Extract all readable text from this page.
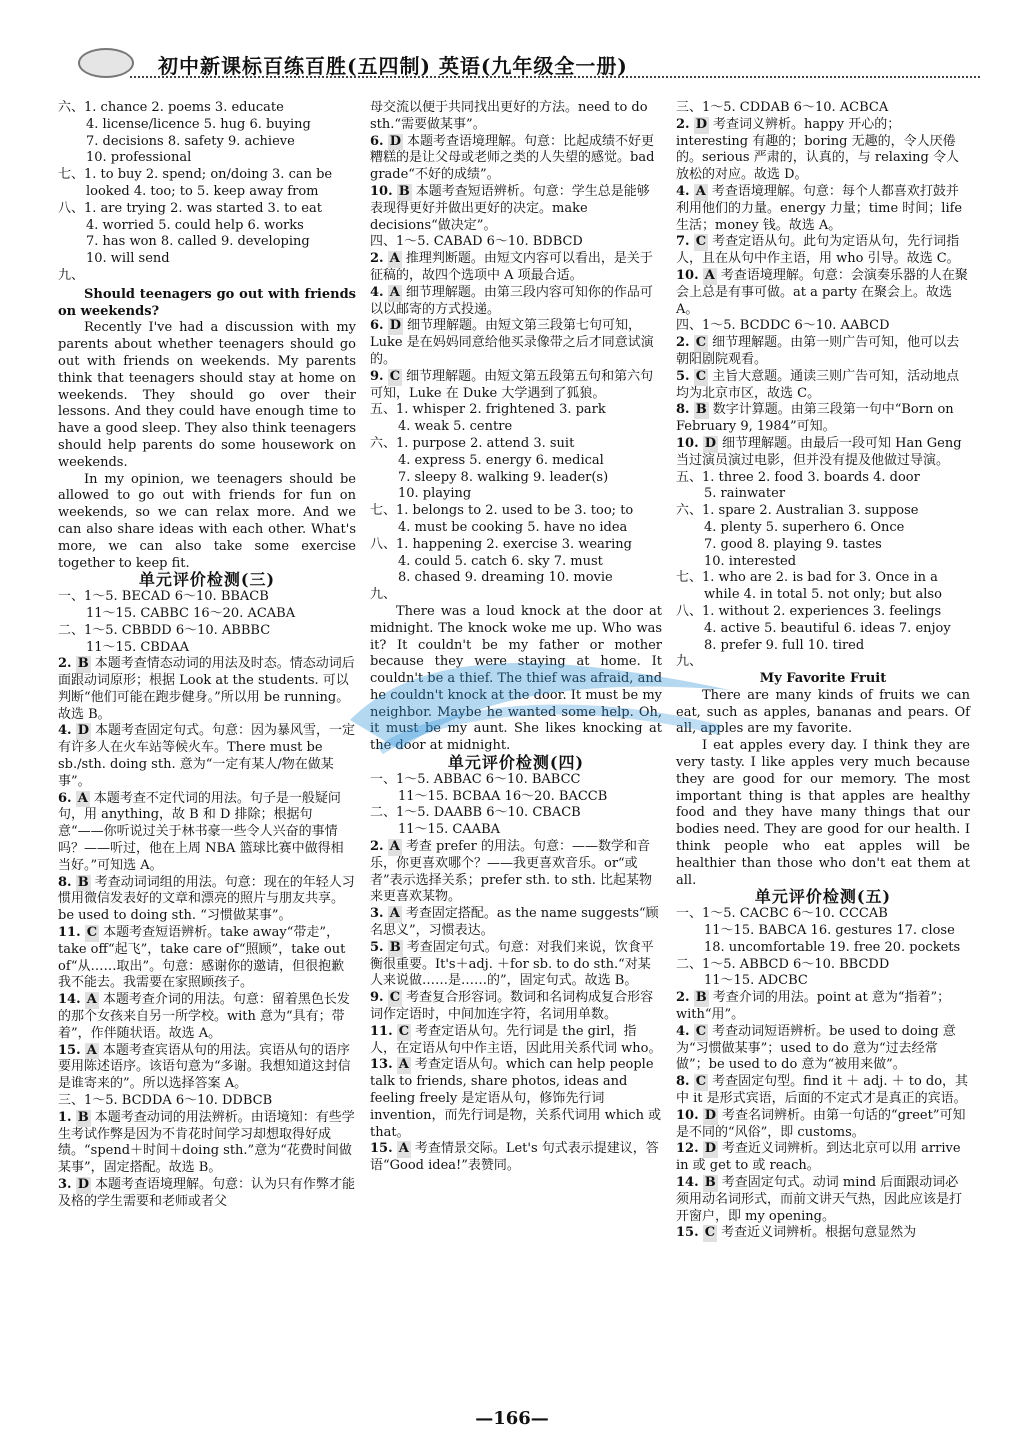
初中新课标百练百胜(五四制) 英语(九年级全一册)
六、1. chance 2. poems 3. educate
4. license/licence 5. hug 6. buying
7. decisions 8. safety 9. achieve
10. professional
七、1. to buy 2. spend; on/doing 3. can be
looked 4. too; to 5. keep away from
八、1. are trying 2. was started 3. to eat
4. worried 5. could help 6. works
7. has won 8. called 9. developing
10. will send
九、
Should teenagers go out with friends on weekends?
Recently I've had a discussion with my parents about whether teenagers should go out with friends on weekends. My parents think that teenagers should stay at home on weekends. They should go over their lessons. And they could have enough time to have a good sleep. They also think teenagers should help parents do some housework on weekends.
In my opinion, we teenagers should be allowed to go out with friends for fun on weekends, so we can relax more. And we can also share ideas with each other. What's more, we can also take some exercise together to keep fit.
单元评价检测(三)
一、1～5. BECAD 6～10. BBACB
11～15. CABBC 16～20. ACABA
二、1～5. CBBDD 6～10. ABBBC
11～15. CBDAA
2. B 本题考查情态动词的用法及时态。情态动词后面跟动词原形；根据 Look at the students. 可以判断“他们可能在跑步健身。”所以用 be running。故选 B。
4. D 本题考查固定句式。句意：因为暴风雪，一定有许多人在火车站等候火车。There must be sb./sth. doing sth. 意为“一定有某人/物在做某事”。
6. A 本题考查不定代词的用法。句子是一般疑问句，用 anything，故 B 和 D 排除；根据句意“——你听说过关于林书豪一些令人兴奋的事情吗？——听过，他在上周 NBA 篮球比赛中做得相当好。”可知选 A。
8. B 考查动词词组的用法。句意：现在的年轻人习惯用微信发表好的文章和漂亮的照片与朋友共享。be used to doing sth. “习惯做某事”。
11. C 本题考查短语辨析。take away“带走”，take off“起飞”，take care of“照顾”，take out of“从……取出”。句意：感谢你的邀请，但很抱歉我不能去。我需要在家照顾孩子。
14. A 本题考查介词的用法。句意：留着黑色长发的那个女孩来自另一所学校。with 意为“具有；带着”，作伴随状语。故选 A。
15. A 本题考查宾语从句的用法。宾语从句的语序要用陈述语序。该语句意为“多谢。我想知道这封信是谁寄来的”。所以选择答案 A。
三、1～5. BCDDA 6～10. DDBCB
1. B 本题考查动词的用法辨析。由语境知：有些学生考试作弊是因为不肯花时间学习却想取得好成绩。“spend＋时间＋doing sth.”意为“花费时间做某事”，固定搭配。故选 B。
3. D 本题考查语境理解。句意：认为只有作弊才能及格的学生需要和老师或者父
母交流以便于共同找出更好的方法。need to do sth.“需要做某事”。
6. D 本题考查语境理解。句意：比起成绩不好更糟糕的是让父母或老师之类的人失望的感觉。bad grade“不好的成绩”。
10. B 本题考查短语辨析。句意：学生总是能够表现得更好并做出更好的决定。make decisions“做决定”。
四、1～5. CABAD 6～10. BDBCD
2. A 推理判断题。由短文内容可以看出，是关于征稿的，故四个选项中 A 项最合适。
4. A 细节理解题。由第三段内容可知你的作品可以以邮寄的方式投递。
6. D 细节理解题。由短文第三段第七句可知，Luke 是在妈妈同意给他买录像带之后才同意试演的。
9. C 细节理解题。由短文第五段第五句和第六句可知，Luke 在 Duke 大学遇到了狐狼。
五、1. whisper 2. frightened 3. park
4. weak 5. centre
六、1. purpose 2. attend 3. suit
4. express 5. energy 6. medical
7. sleepy 8. walking 9. leader(s)
10. playing
七、1. belongs to 2. used to be 3. too; to
4. must be cooking 5. have no idea
八、1. happening 2. exercise 3. wearing
4. could 5. catch 6. sky 7. must
8. chased 9. dreaming 10. movie
九、
There was a loud knock at the door at midnight. The knock woke me up. Who was it? It couldn't be my father or mother because they were staying at home. It couldn't be a thief. The thief was afraid, and he couldn't knock at the door. It must be my neighbor. Maybe he wanted some help. Oh, it must be my aunt. She likes knocking at the door at midnight.
单元评价检测(四)
一、1～5. ABBAC 6～10. BABCC
11～15. BCBAA 16～20. BACCB
二、1～5. DAABB 6～10. CBACB
11～15. CAABA
2. A 考查 prefer 的用法。句意：——数学和音乐，你更喜欢哪个？——我更喜欢音乐。or“或者”表示选择关系；prefer sth. to sth. 比起某物来更喜欢某物。
3. A 考查固定搭配。as the name suggests“顾名思义”，习惯表达。
5. B 考查固定句式。句意：对我们来说，饮食平衡很重要。It's＋adj. ＋for sb. to do sth.“对某人来说做……是……的”，固定句式。故选 B。
9. C 考查复合形容词。数词和名词构成复合形容词作定语时，中间加连字符，名词用单数。
11. C 考查定语从句。先行词是 the girl，指人，在定语从句中作主语，因此用关系代词 who。
13. A 考查定语从句。which can help people talk to friends, share photos, ideas and feeling freely 是定语从句，修饰先行词 invention，而先行词是物，关系代词用 which 或 that。
15. A 考查情景交际。Let's 句式表示提建议，答语“Good idea!”表赞同。
三、1～5. CDDAB 6～10. ACBCA
2. D 考查词义辨析。happy 开心的；interesting 有趣的；boring 无趣的，令人厌倦的。serious 严肃的，认真的，与 relaxing 令人放松的对应。故选 D。
4. A 考查语境理解。句意：每个人都喜欢打鼓并利用他们的力量。energy 力量；time 时间；life 生活；money 钱。故选 A。
7. C 考查定语从句。此句为定语从句，先行词指人，且在从句中作主语，用 who 引导。故选 C。
10. A 考查语境理解。句意：会演奏乐器的人在聚会上总是有事可做。at a party 在聚会上。故选 A。
四、1～5. BCDDC 6～10. AABCD
2. C 细节理解题。由第一则广告可知，他可以去朝阳剧院观看。
5. C 主旨大意题。通读三则广告可知，活动地点均为北京市区，故选 C。
8. B 数字计算题。由第三段第一句中“Born on February 9, 1984”可知。
10. D 细节理解题。由最后一段可知 Han Geng 当过演员演过电影，但并没有提及他做过导演。
五、1. three 2. food 3. boards 4. door
5. rainwater
六、1. spare 2. Australian 3. suppose
4. plenty 5. superhero 6. Once
7. good 8. playing 9. tastes
10. interested
七、1. who are 2. is bad for 3. Once in a
while 4. in total 5. not only; but also
八、1. without 2. experiences 3. feelings
4. active 5. beautiful 6. ideas 7. enjoy
8. prefer 9. full 10. tired
九、
My Favorite Fruit
There are many kinds of fruits we can eat, such as apples, bananas and pears. Of all, apples are my favorite.
I eat apples every day. I think they are very tasty. I like apples very much because they are good for our memory. The most important thing is that apples are healthy food and they have many things that our bodies need. They are good for our health. I think people who eat apples will be healthier than those who don't eat them at all.
单元评价检测(五)
一、1～5. CACBC 6～10. CCCAB
11～15. BABCA 16. gestures 17. close
18. uncomfortable 19. free 20. pockets
二、1～5. ABBCD 6～10. BBCDD
11～15. ADCBC
2. B 考查介词的用法。point at 意为“指着”；with“用”。
4. C 考查动词短语辨析。be used to doing 意为“习惯做某事”；used to do 意为“过去经常做”；be used to do 意为“被用来做”。
8. C 考查固定句型。find it ＋ adj. ＋ to do，其中 it 是形式宾语，后面的不定式才是真正的宾语。
10. D 考查名词辨析。由第一句话的“greet”可知是不同的“风俗”，即 customs。
12. D 考查近义词辨析。到达北京可以用 arrive in 或 get to 或 reach。
14. B 考查固定句式。动词 mind 后面跟动词必须用动名词形式，而前文讲天气热，因此应该是打开窗户，即 my opening。
15. C 考查近义词辨析。根据句意显然为
—166—
